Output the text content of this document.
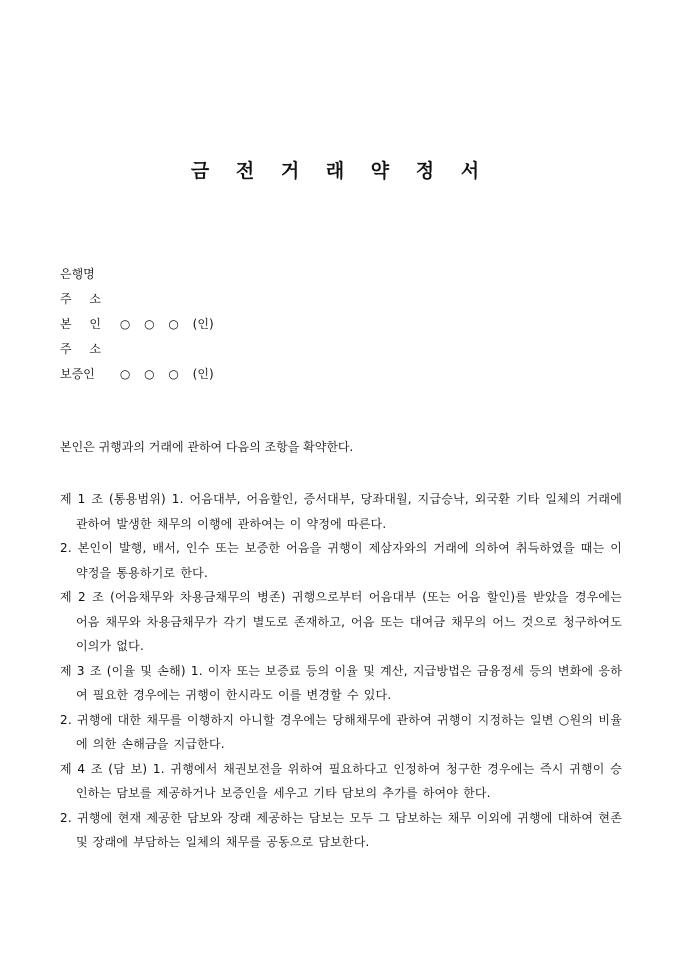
금 전 거 래 약 정 서
은행명
주 소
본 인 ○ ○ ○ (인)
주 소
보증인 ○ ○ ○ (인)
본인은 귀행과의 거래에 관하여 다음의 조항을 확약한다.

제 1 조 (통용범위) 1. 어음대부, 어음할인, 증서대부, 당좌대월, 지급승낙, 외국환 기타 일체의 거래에 관하여 발생한 채무의 이행에 관하여는 이 약정에 따른다.

2. 본인이 발행, 배서, 인수 또는 보증한 어음을 귀행이 제삼자와의 거래에 의하여 취득하였을 때는 이 약정을 통용하기로 한다.

제 2 조 (어음채무와 차용금채무의 병존) 귀행으로부터 어음대부 (또는 어음 할인)를 받았을 경우에는 어음 채무와 차용금채무가 각기 별도로 존재하고, 어음 또는 대여금 채무의 어느 것으로 청구하여도 이의가 없다.

제 3 조 (이율 및 손해) 1. 이자 또는 보증료 등의 이율 및 계산, 지급방법은 금융정세 등의 변화에 응하여 필요한 경우에는 귀행이 한시라도 이를 변경할 수 있다.

2. 귀행에 대한 채무를 이행하지 아니할 경우에는 당해채무에 관하여 귀행이 지정하는 일변 ○원의 비율에 의한 손해금을 지급한다.

제 4 조 (담 보) 1. 귀행에서 채권보전을 위하여 필요하다고 인정하여 청구한 경우에는 즉시 귀행이 승인하는 담보를 제공하거나 보증인을 세우고 기타 담보의 추가를 하여야 한다.

2. 귀행에 현재 제공한 담보와 장래 제공하는 담보는 모두 그 담보하는 채무 이외에 귀행에 대하여 현존 및 장래에 부담하는 일체의 채무를 공동으로 담보한다.
